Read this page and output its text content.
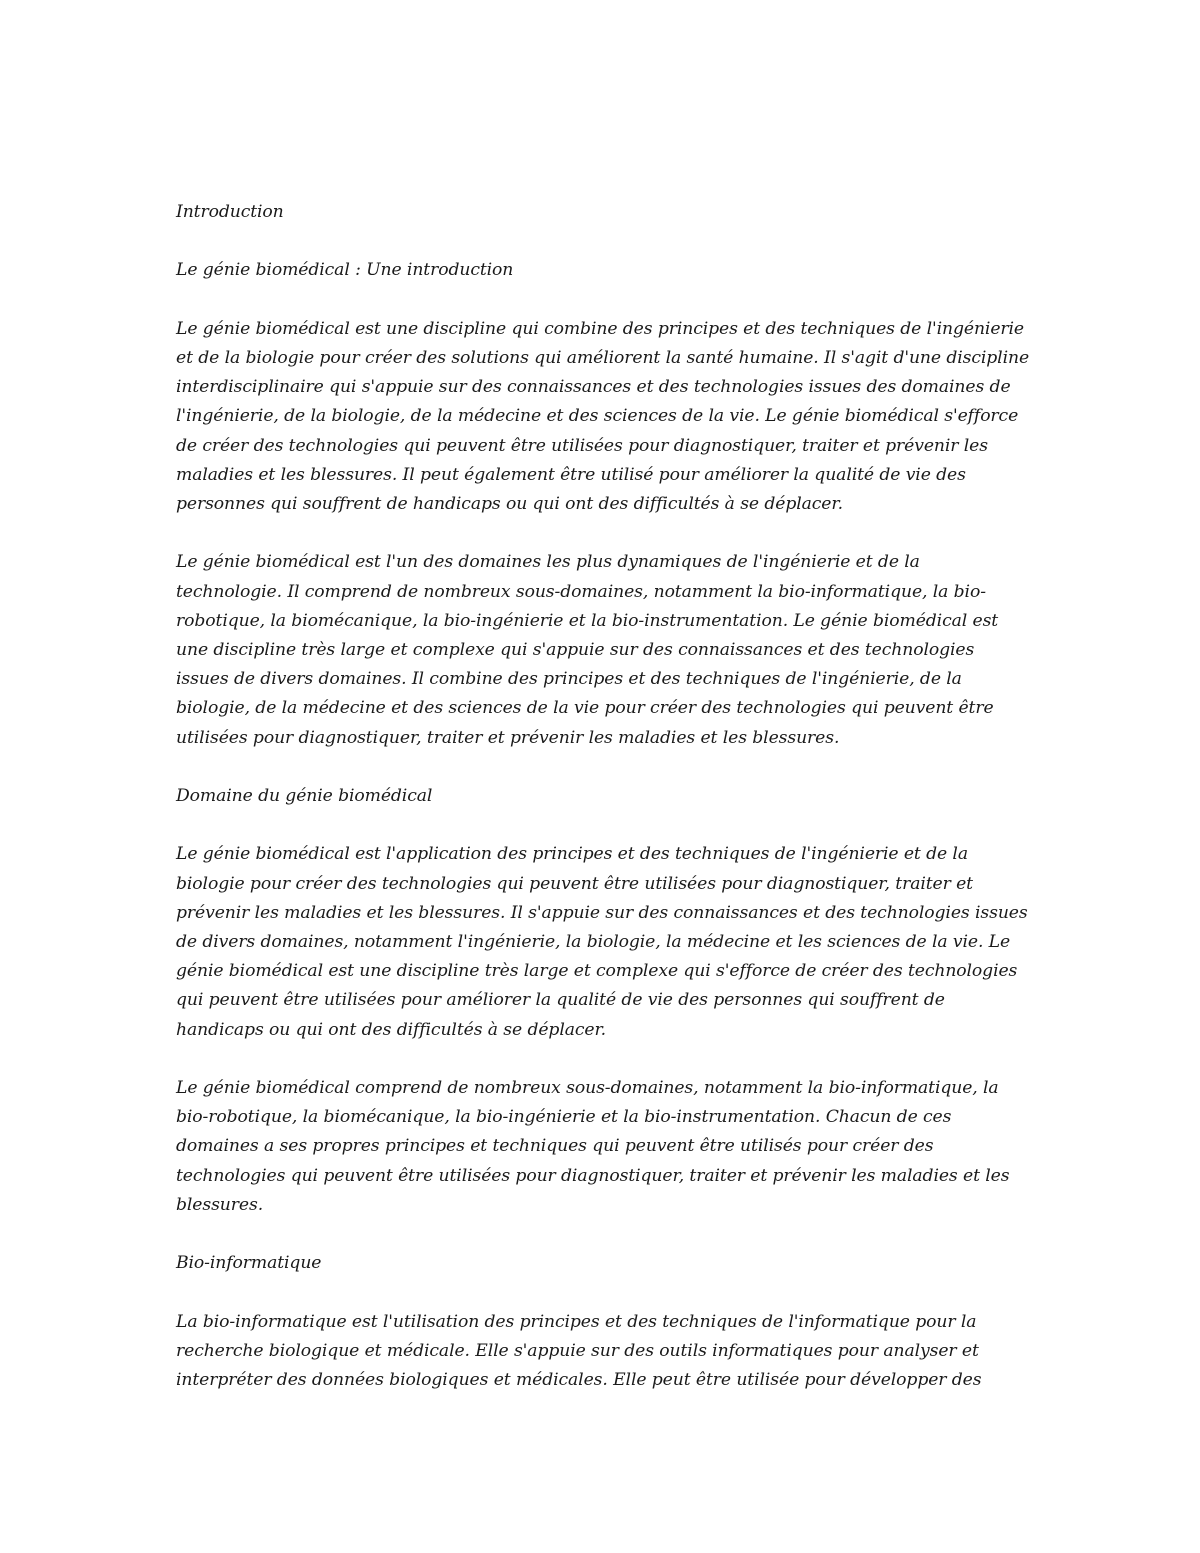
Introduction

Le génie biomédical : Une introduction

Le génie biomédical est une discipline qui combine des principes et des techniques de l'ingénierie et de la biologie pour créer des solutions qui améliorent la santé humaine. Il s'agit d'une discipline interdisciplinaire qui s'appuie sur des connaissances et des technologies issues des domaines de l'ingénierie, de la biologie, de la médecine et des sciences de la vie. Le génie biomédical s'efforce de créer des technologies qui peuvent être utilisées pour diagnostiquer, traiter et prévenir les maladies et les blessures. Il peut également être utilisé pour améliorer la qualité de vie des personnes qui souffrent de handicaps ou qui ont des difficultés à se déplacer.

Le génie biomédical est l'un des domaines les plus dynamiques de l'ingénierie et de la technologie. Il comprend de nombreux sous-domaines, notamment la bio-informatique, la bio-robotique, la biomécanique, la bio-ingénierie et la bio-instrumentation. Le génie biomédical est une discipline très large et complexe qui s'appuie sur des connaissances et des technologies issues de divers domaines. Il combine des principes et des techniques de l'ingénierie, de la biologie, de la médecine et des sciences de la vie pour créer des technologies qui peuvent être utilisées pour diagnostiquer, traiter et prévenir les maladies et les blessures.

Domaine du génie biomédical

Le génie biomédical est l'application des principes et des techniques de l'ingénierie et de la biologie pour créer des technologies qui peuvent être utilisées pour diagnostiquer, traiter et prévenir les maladies et les blessures. Il s'appuie sur des connaissances et des technologies issues de divers domaines, notamment l'ingénierie, la biologie, la médecine et les sciences de la vie. Le génie biomédical est une discipline très large et complexe qui s'efforce de créer des technologies qui peuvent être utilisées pour améliorer la qualité de vie des personnes qui souffrent de handicaps ou qui ont des difficultés à se déplacer.

Le génie biomédical comprend de nombreux sous-domaines, notamment la bio-informatique, la bio-robotique, la biomécanique, la bio-ingénierie et la bio-instrumentation. Chacun de ces domaines a ses propres principes et techniques qui peuvent être utilisés pour créer des technologies qui peuvent être utilisées pour diagnostiquer, traiter et prévenir les maladies et les blessures.

Bio-informatique

La bio-informatique est l'utilisation des principes et des techniques de l'informatique pour la recherche biologique et médicale. Elle s'appuie sur des outils informatiques pour analyser et interpréter des données biologiques et médicales. Elle peut être utilisée pour développer des
